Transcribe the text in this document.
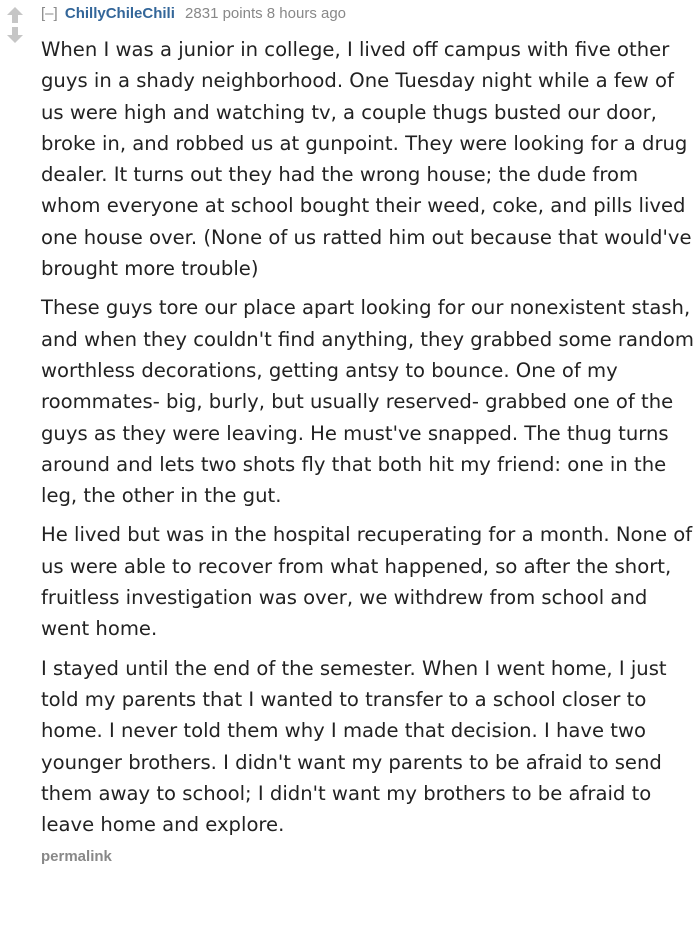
[–] ChillyChileChili 2831 points 8 hours ago

When I was a junior in college, I lived off campus with five other guys in a shady neighborhood. One Tuesday night while a few of us were high and watching tv, a couple thugs busted our door, broke in, and robbed us at gunpoint. They were looking for a drug dealer. It turns out they had the wrong house; the dude from whom everyone at school bought their weed, coke, and pills lived one house over. (None of us ratted him out because that would've brought more trouble)

These guys tore our place apart looking for our nonexistent stash, and when they couldn't find anything, they grabbed some random worthless decorations, getting antsy to bounce. One of my roommates- big, burly, but usually reserved- grabbed one of the guys as they were leaving. He must've snapped. The thug turns around and lets two shots fly that both hit my friend: one in the leg, the other in the gut.

He lived but was in the hospital recuperating for a month. None of us were able to recover from what happened, so after the short, fruitless investigation was over, we withdrew from school and went home.

I stayed until the end of the semester. When I went home, I just told my parents that I wanted to transfer to a school closer to home. I never told them why I made that decision. I have two younger brothers. I didn't want my parents to be afraid to send them away to school; I didn't want my brothers to be afraid to leave home and explore.

permalink
